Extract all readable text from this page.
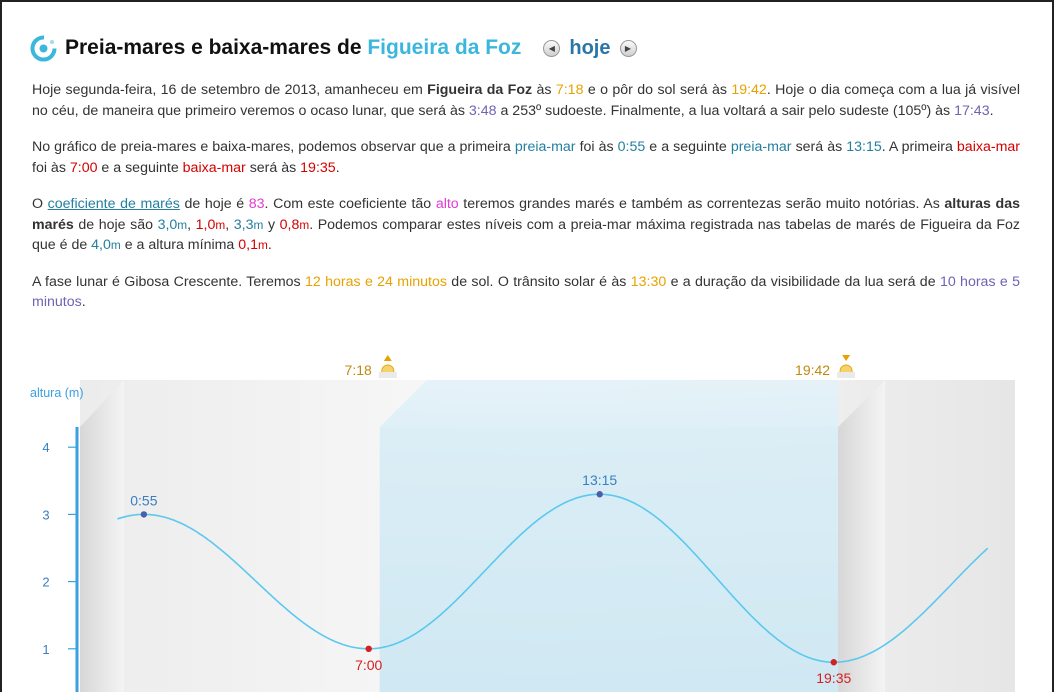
Preia-mares e baixa-mares de Figueira da Foz	◀ hoje	▶

Hoje segunda-feira, 16 de setembro de 2013, amanheceu em Figueira da Foz às 7:18 e o pôr do sol será às 19:42. Hoje o dia começa com a lua já visível no céu, de maneira que primeiro veremos o ocaso lunar, que será às 3:48 a 253º sudoeste. Finalmente, a lua voltará a sair pelo sudeste (105º) às 17:43.

No gráfico de preia-mares e baixa-mares, podemos observar que a primeira preia-mar foi às 0:55 e a seguinte preia-mar será às 13:15. A primeira baixa-mar foi às 7:00 e a seguinte baixa-mar será às 19:35.

O coeficiente de marés de hoje é 83. Com este coeficiente tão alto teremos grandes marés e também as correntezas serão muito notórias. As alturas das marés de hoje são 3,0m, 1,0m, 3,3m y 0,8m. Podemos comparar estes níveis com a preia-mar máxima registrada nas tabelas de marés de Figueira da Foz que é de 4,0m e a altura mínima 0,1m.

A fase lunar é Gibosa Crescente. Teremos 12 horas e 24 minutos de sol. O trânsito solar é às 13:30 e a duração da visibilidade da lua será de 10 horas e 5 minutos.

altura (m)
1
2
3
4
0:55
7:00
13:15
19:35
7:18	19:42
